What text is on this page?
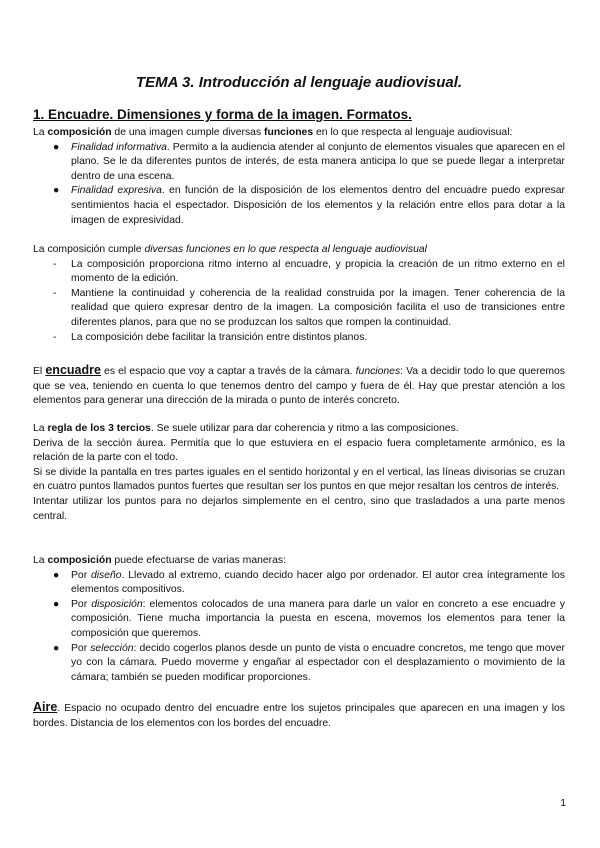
TEMA 3. Introducción al lenguaje audiovisual.
1. Encuadre. Dimensiones y forma de la imagen. Formatos.

La composición de una imagen cumple diversas funciones en lo que respecta al lenguaje audiovisual:

● Finalidad informativa. Permito a la audiencia atender al conjunto de elementos visuales que aparecen en el plano. Se le da diferentes puntos de interés, de esta manera anticipa lo que se puede llegar a interpretar dentro de una escena.
● Finalidad expresiva. en función de la disposición de los elementos dentro del encuadre puedo expresar sentimientos hacia el espectador. Disposición de los elementos y la relación entre ellos para dotar a la imagen de expresividad.

La composición cumple diversas funciones en lo que respecta al lenguaje audiovisual

- La composición proporciona ritmo interno al encuadre, y propicia la creación de un ritmo externo en el momento de la edición.
- Mantiene la continuidad y coherencia de la realidad construida por la imagen. Tener coherencia de la realidad que quiero expresar dentro de la imagen. La composición facilita el uso de transiciones entre diferentes planos, para que no se produzcan los saltos que rompen la continuidad.
- La composición debe facilitar la transición entre distintos planos.

El encuadre es el espacio que voy a captar a través de la cámara. funciones: Va a decidir todo lo que queremos que se vea, teniendo en cuenta lo que tenemos dentro del campo y fuera de él. Hay que prestar atención a los elementos para generar una dirección de la mirada o punto de interés concreto.

La regla de los 3 tercios. Se suele utilizar para dar coherencia y ritmo a las composiciones.

Deriva de la sección áurea. Permitía que lo que estuviera en el espacio fuera completamente armónico, es la relación de la parte con el todo.

Si se divide la pantalla en tres partes iguales en el sentido horizontal y en el vertical, las líneas divisorias se cruzan en cuatro puntos llamados puntos fuertes que resultan ser los puntos en que mejor resaltan los centros de interés.

Intentar utilizar los puntos para no dejarlos simplemente en el centro, sino que trasladados a una parte menos central.

La composición puede efectuarse de varias maneras:

● Por diseño. Llevado al extremo, cuando decido hacer algo por ordenador. El autor crea íntegramente los elementos compositivos.
● Por disposición: elementos colocados de una manera para darle un valor en concreto a ese encuadre y composición. Tiene mucha importancia la puesta en escena, movemos los elementos para tener la composición que queremos.
● Por selección: decido cogerlos planos desde un punto de vista o encuadre concretos, me tengo que mover yo con la cámara. Puedo moverme y engañar al espectador con el desplazamiento o movimiento de la cámara; también se pueden modificar proporciones.

Aire. Espacio no ocupado dentro del encuadre entre los sujetos principales que aparecen en una imagen y los bordes. Distancia de los elementos con los bordes del encuadre.

1
